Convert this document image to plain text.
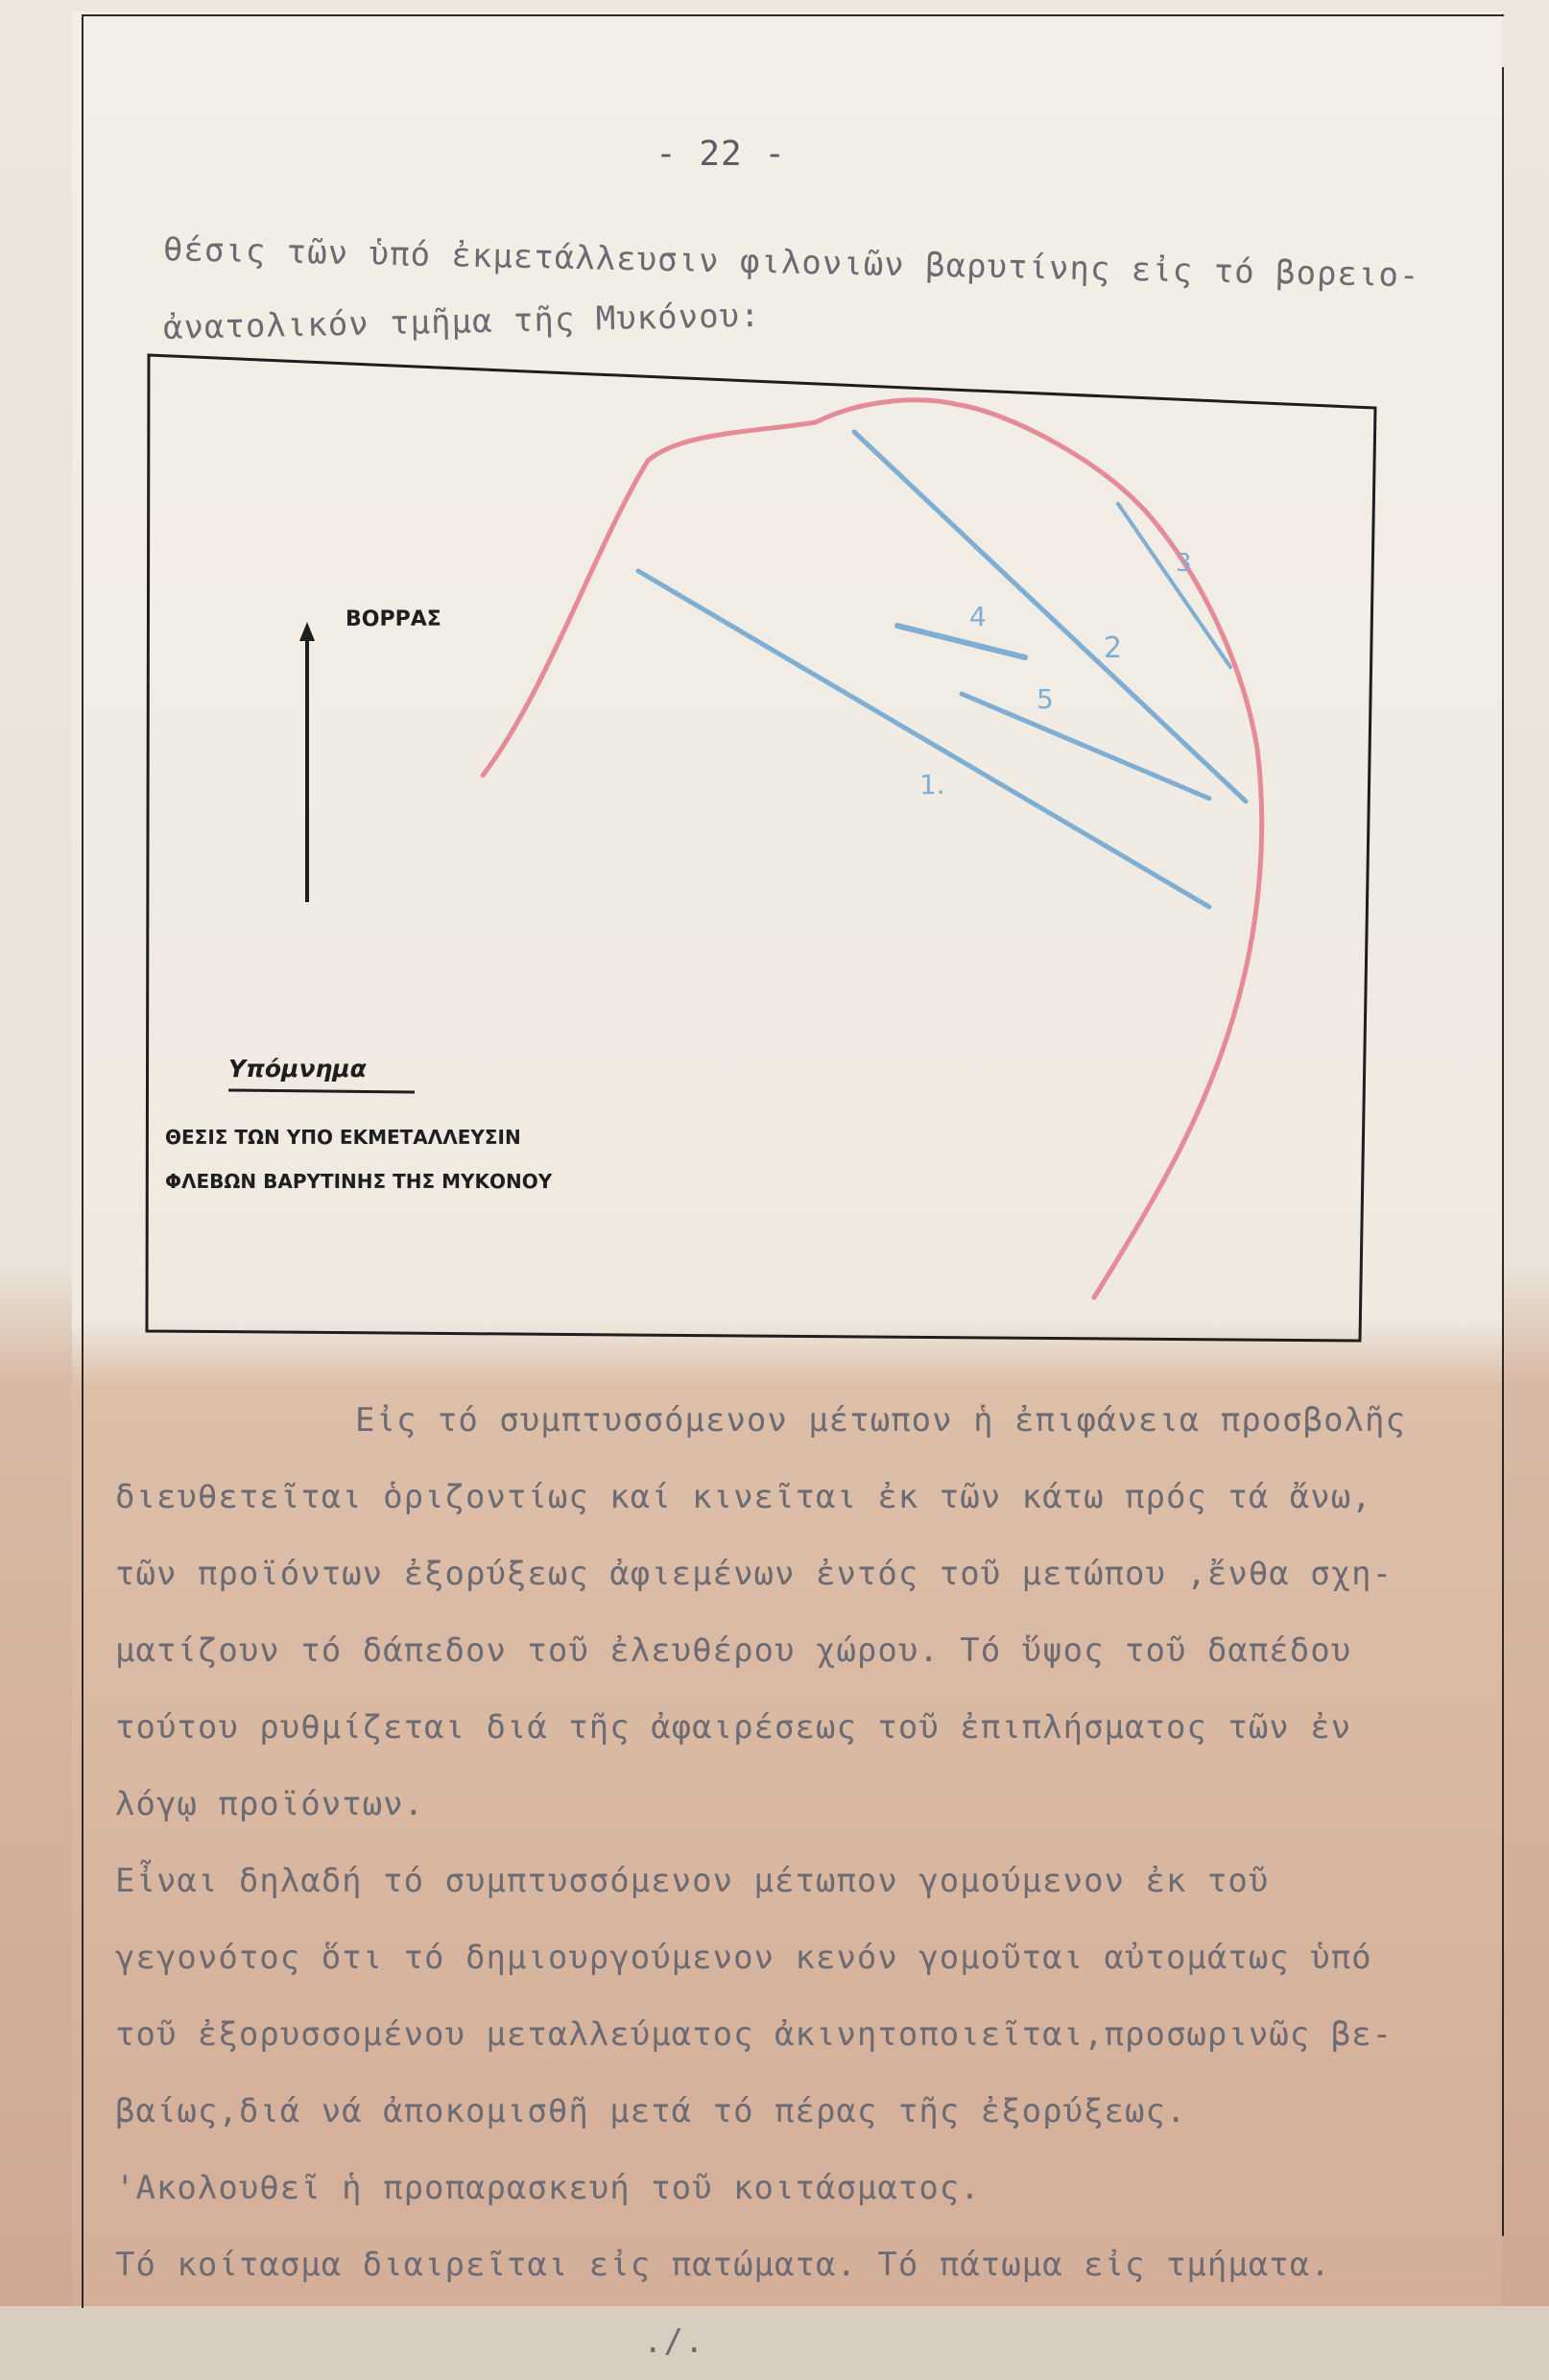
- 22 -

θέσις τῶν ὑπό ἐκμετάλλευσιν φιλονιῶν βαρυτίνης εἰς τό βορειο-

ἀνατολικόν τμῆμα τῆς Μυκόνου:

1.
2
3
4
5
ΒΟΡΡΑΣ
Υπόμνημα
ΘΕΣΙΣ ΤΩΝ ΥΠΟ ΕΚΜΕΤΑΛΛΕΥΣΙΝ
ΦΛΕΒΩΝ ΒΑΡΥΤΙΝΗΣ ΤΗΣ ΜΥΚΟΝΟΥ

Εἰς τό συμπτυσσόμενον μέτωπον ἡ ἐπιφάνεια προσβολῆς

διευθετεῖται ὁριζοντίως καί κινεῖται ἐκ τῶν κάτω πρός τά ἄνω,

τῶν προϊόντων ἐξορύξεως ἀφιεμένων ἐντός τοῦ μετώπου ,ἔνθα σχη-

ματίζουν τό δάπεδον τοῦ ἐλευθέρου χώρου. Τό ὕψος τοῦ δαπέδου

τούτου ρυθμίζεται διά τῆς ἀφαιρέσεως τοῦ ἐπιπλήσματος τῶν ἐν

λόγῳ προϊόντων.

Εἶναι δηλαδή τό συμπτυσσόμενον μέτωπον γομούμενον ἐκ τοῦ

γεγονότος ὅτι τό δημιουργούμενον κενόν γομοῦται αὐτομάτως ὑπό

τοῦ ἐξορυσσομένου μεταλλεύματος ἀκινητοποιεῖται,προσωρινῶς βε-

βαίως,διά νά ἀποκομισθῆ μετά τό πέρας τῆς ἐξορύξεως.

'Ακολουθεῖ ἡ προπαρασκευή τοῦ κοιτάσματος.

Τό κοίτασμα διαιρεῖται εἰς πατώματα. Τό πάτωμα εἰς τμήματα.

./.
